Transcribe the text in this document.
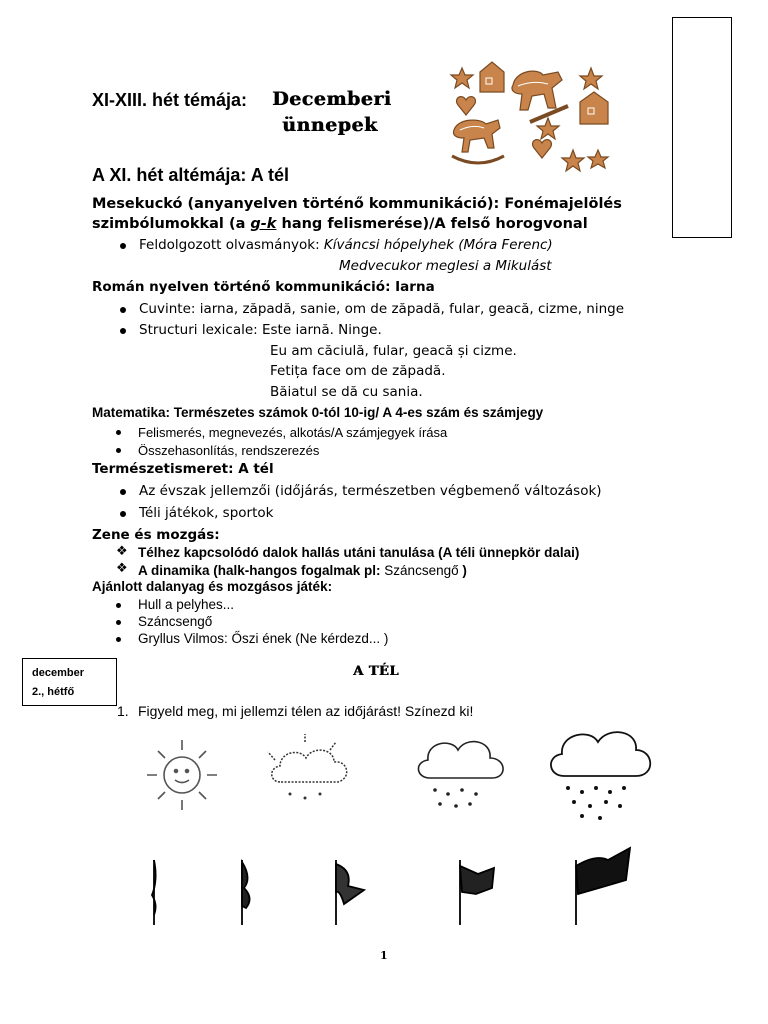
XI-XIII. hét témája: Decemberi
ünnepek
A XI. hét altémája: A tél
Mesekuckó (anyanyelven történő kommunikáció): Fonémajelölés
szimbólumokkal (a g-k hang felismerése)/A felső horogvonal
Feldolgozott olvasmányok: Kíváncsi hópelyhek (Móra Ferenc)
Medvecukor meglesi a Mikulást
Román nyelven történő kommunikáció: Iarna
Cuvinte: iarna, zăpadă, sanie, om de zăpadă, fular, geacă, cizme, ninge
Structuri lexicale: Este iarnă. Ninge.
Eu am căciulă, fular, geacă și cizme.
Fetița face om de zăpadă.
Băiatul se dă cu sania.
Matematika: Természetes számok 0-tól 10-ig/ A 4-es szám és számjegy
Felismerés, megnevezés, alkotás/A számjegyek írása
Összehasonlítás, rendszerezés
Természetismeret: A tél
Az évszak jellemzői (időjárás, természetben végbemenő változások)
Téli játékok, sportok
Zene és mozgás:
❖ Télhez kapcsolódó dalok hallás utáni tanulása (A téli ünnepkör dalai)
❖ A dinamika (halk-hangos fogalmak pl: Száncsengő )
Ajánlott dalanyag és mozgásos játék:
Hull a pelyhes...
Száncsengő
Gryllus Vilmos: Őszi ének (Ne kérdezd... )
december
2., hétfő
A TÉL
1. Figyeld meg, mi jellemzi télen az időjárást! Színezd ki!
1
